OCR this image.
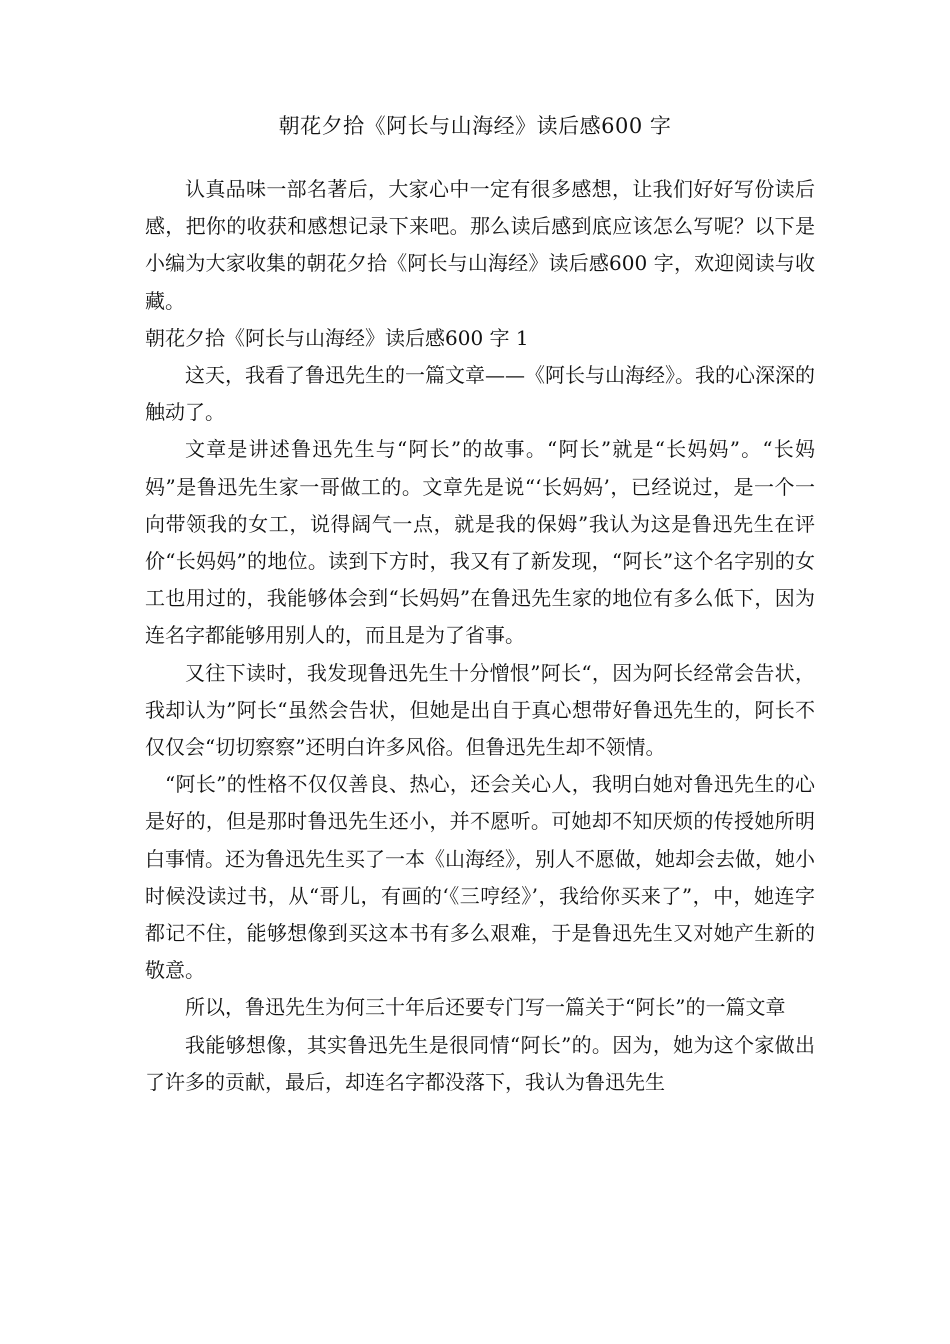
朝花夕拾《阿长与山海经》读后感600 字

认真品味一部名著后，大家心中一定有很多感想，让我们好好写份读后感，把你的收获和感想记录下来吧。那么读后感到底应该怎么写呢？以下是小编为大家收集的朝花夕拾《阿长与山海经》读后感600 字，欢迎阅读与收藏。

朝花夕拾《阿长与山海经》读后感600 字 1

这天，我看了鲁迅先生的一篇文章——《阿长与山海经》。我的心深深的触动了。

文章是讲述鲁迅先生与“阿长”的故事。“阿长”就是“长妈妈”。“长妈妈”是鲁迅先生家一哥做工的。文章先是说“‘长妈妈’，已经说过，是一个一向带领我的女工，说得阔气一点，就是我的保姆”我认为这是鲁迅先生在评价“长妈妈”的地位。读到下方时，我又有了新发现，“阿长”这个名字别的女工也用过的，我能够体会到“长妈妈”在鲁迅先生家的地位有多么低下，因为连名字都能够用别人的，而且是为了省事。

又往下读时，我发现鲁迅先生十分憎恨”阿长“，因为阿长经常会告状，我却认为”阿长“虽然会告状，但她是出自于真心想带好鲁迅先生的，阿长不仅仅会“切切察察”还明白许多风俗。但鲁迅先生却不领情。

“阿长”的性格不仅仅善良、热心，还会关心人，我明白她对鲁迅先生的心是好的，但是那时鲁迅先生还小，并不愿听。可她却不知厌烦的传授她所明白事情。还为鲁迅先生买了一本《山海经》，别人不愿做，她却会去做，她小时候没读过书，从“哥儿，有画的‘《三哼经》’，我给你买来了”，中，她连字都记不住，能够想像到买这本书有多么艰难，于是鲁迅先生又对她产生新的敬意。

所以，鲁迅先生为何三十年后还要专门写一篇关于“阿长”的一篇文章

我能够想像，其实鲁迅先生是很同情“阿长”的。因为，她为这个家做出了许多的贡献，最后，却连名字都没落下，我认为鲁迅先生
